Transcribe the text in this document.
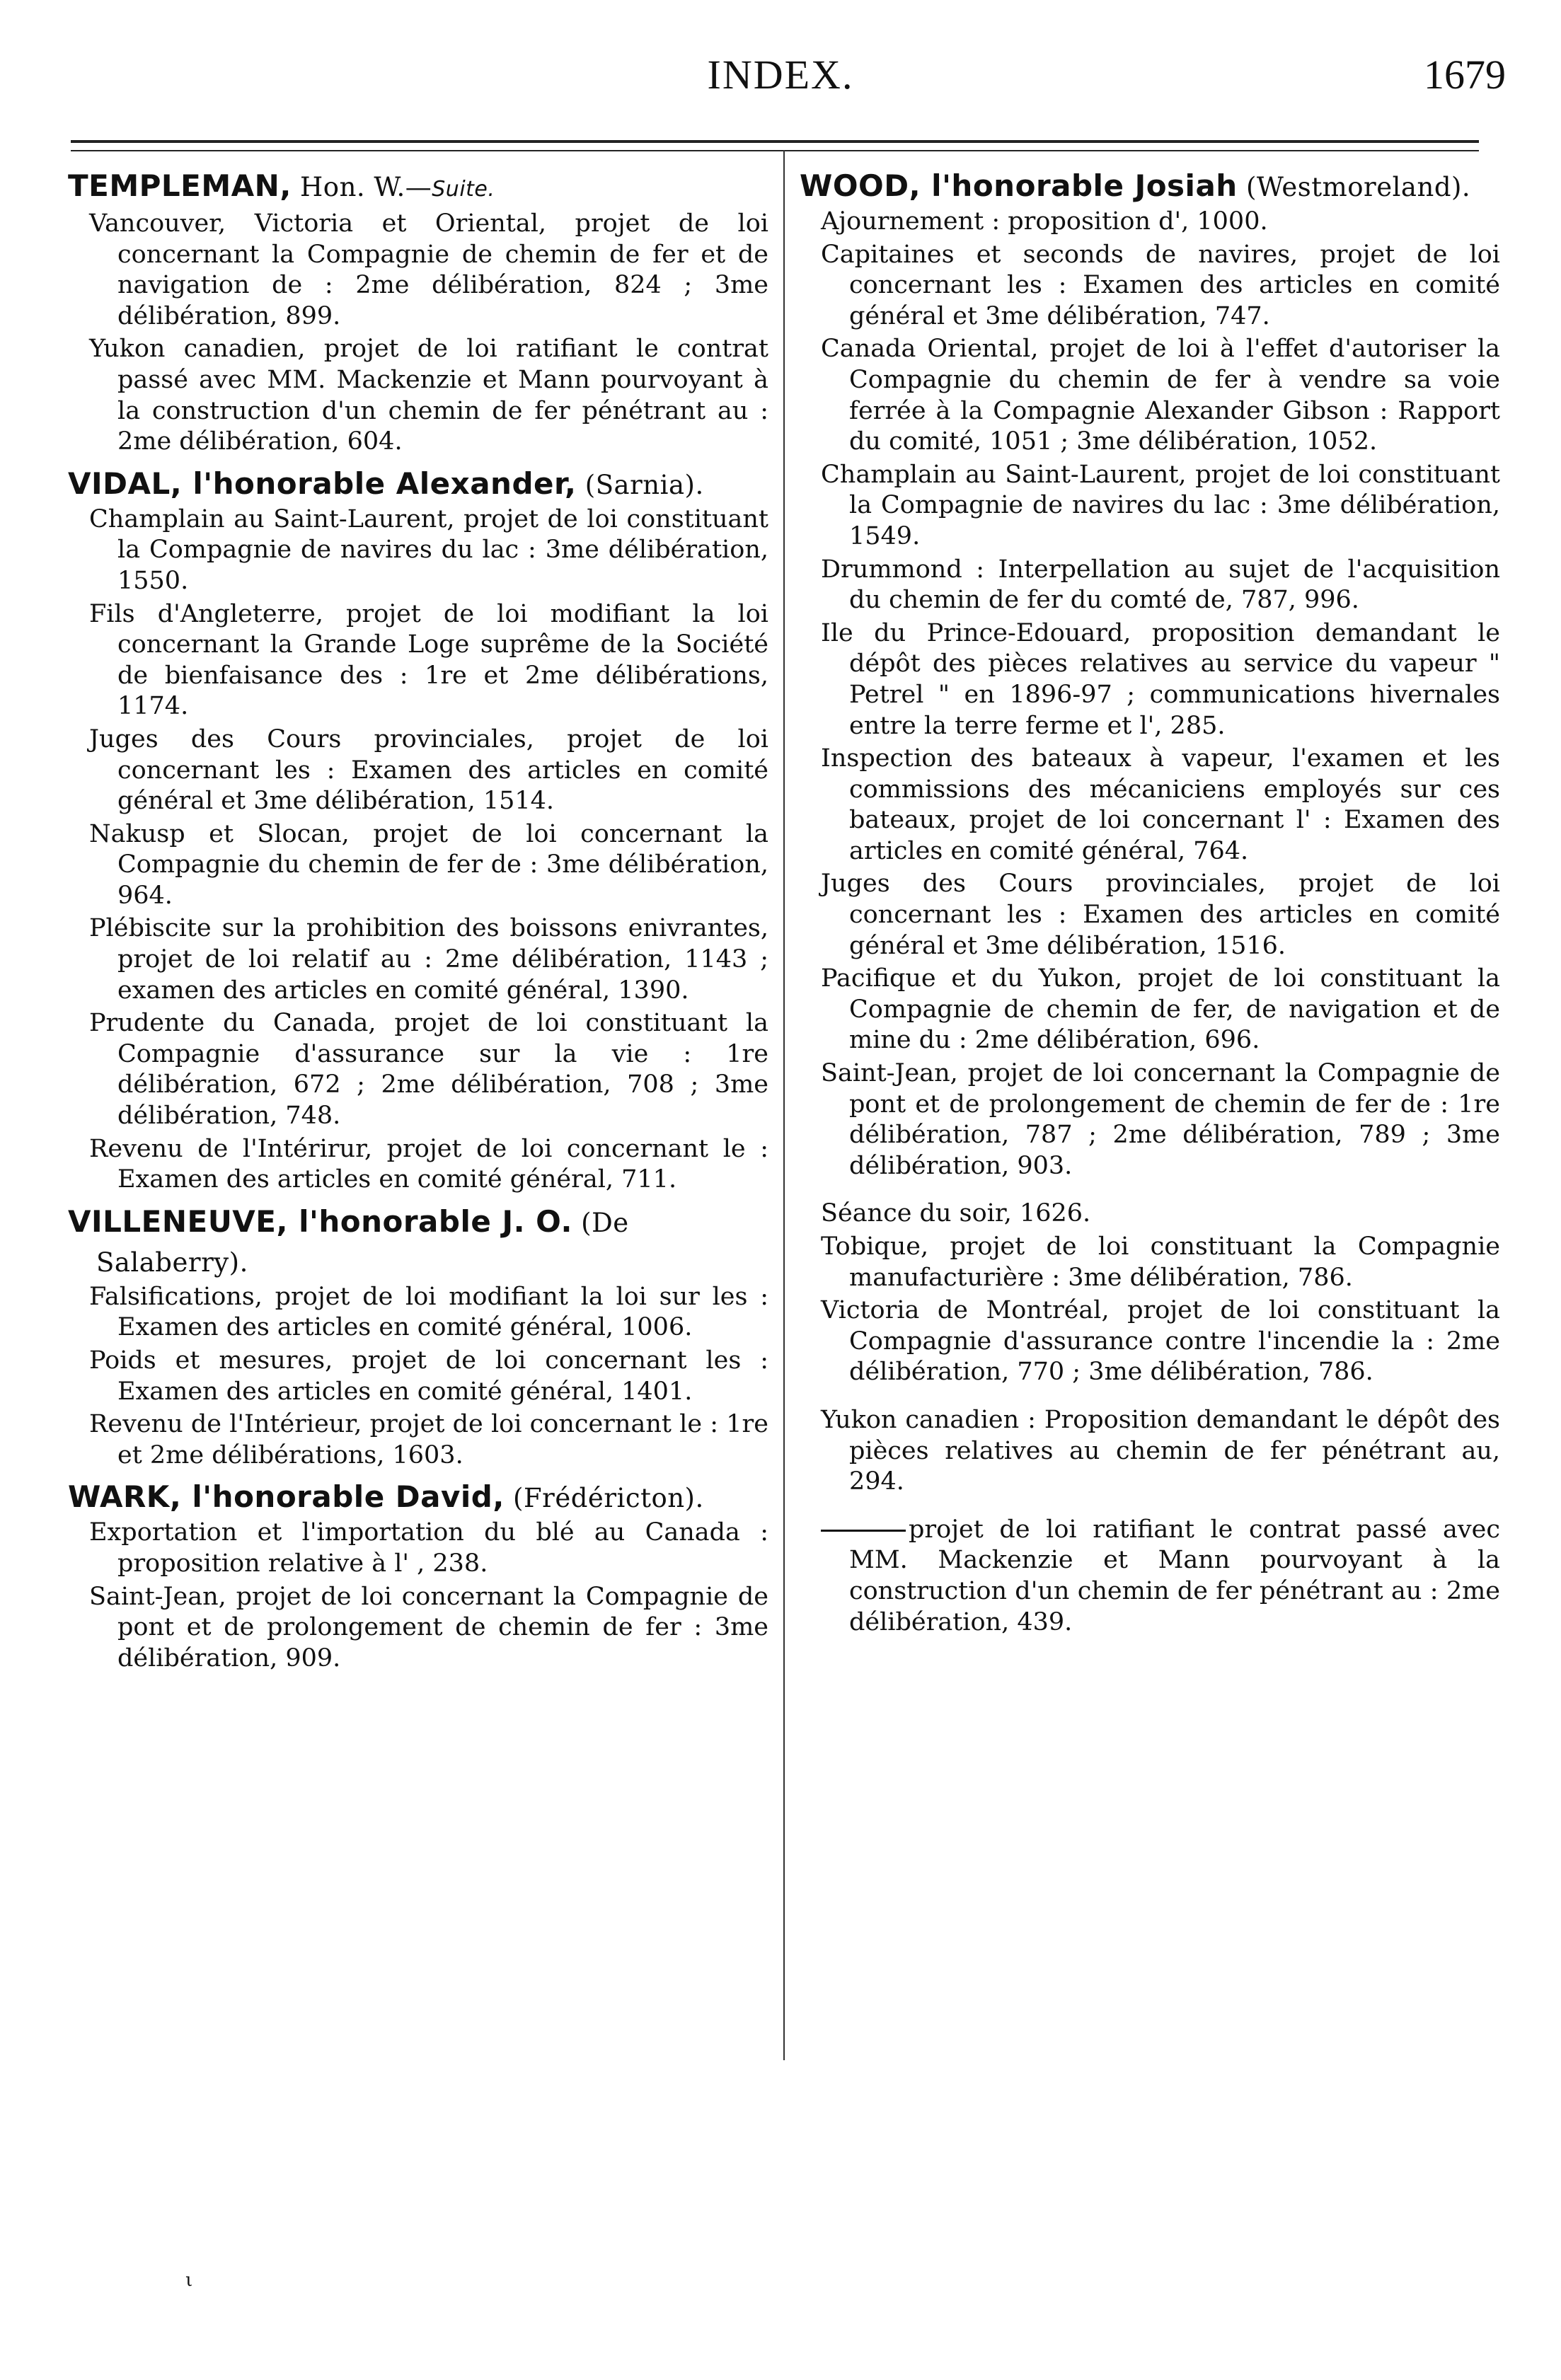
INDEX.	1679
TEMPLEMAN, Hon. W.—Suite.

Vancouver, Victoria et Oriental, projet de loi concernant la Compagnie de chemin de fer et de navigation de : 2me délibération, 824 ; 3me délibération, 899.

Yukon canadien, projet de loi ratifiant le contrat passé avec MM. Mackenzie et Mann pourvoyant à la construction d'un chemin de fer pénétrant au : 2me délibération, 604.

VIDAL, l'honorable Alexander, (Sarnia).

Champlain au Saint-Laurent, projet de loi constituant la Compagnie de navires du lac : 3me délibération, 1550.

Fils d'Angleterre, projet de loi modifiant la loi concernant la Grande Loge suprême de la Société de bienfaisance des : 1re et 2me délibérations, 1174.

Juges des Cours provinciales, projet de loi concernant les : Examen des articles en comité général et 3me délibération, 1514.

Nakusp et Slocan, projet de loi concernant la Compagnie du chemin de fer de : 3me délibération, 964.

Plébiscite sur la prohibition des boissons enivrantes, projet de loi relatif au : 2me délibération, 1143 ; examen des articles en comité général, 1390.

Prudente du Canada, projet de loi constituant la Compagnie d'assurance sur la vie : 1re délibération, 672 ; 2me délibération, 708 ; 3me délibération, 748.

Revenu de l'Intérirur, projet de loi concernant le : Examen des articles en comité général, 711.

VILLENEUVE, l'honorable J. O. (De Salaberry).

Falsifications, projet de loi modifiant la loi sur les : Examen des articles en comité général, 1006.

Poids et mesures, projet de loi concernant les : Examen des articles en comité général, 1401.

Revenu de l'Intérieur, projet de loi concernant le : 1re et 2me délibérations, 1603.

WARK, l'honorable David, (Frédéricton).

Exportation et l'importation du blé au Canada : proposition relative à l' , 238.

Saint-Jean, projet de loi concernant la Compagnie de pont et de prolongement de chemin de fer : 3me délibération, 909.

WOOD, l'honorable Josiah (Westmoreland).

Ajournement : proposition d', 1000.

Capitaines et seconds de navires, projet de loi concernant les : Examen des articles en comité général et 3me délibération, 747.

Canada Oriental, projet de loi à l'effet d'autoriser la Compagnie du chemin de fer à vendre sa voie ferrée à la Compagnie Alexander Gibson : Rapport du comité, 1051 ; 3me délibération, 1052.

Champlain au Saint-Laurent, projet de loi constituant la Compagnie de navires du lac : 3me délibération, 1549.

Drummond : Interpellation au sujet de l'acquisition du chemin de fer du comté de, 787, 996.

Ile du Prince-Edouard, proposition demandant le dépôt des pièces relatives au service du vapeur " Petrel " en 1896-97 ; communications hivernales entre la terre ferme et l', 285.

Inspection des bateaux à vapeur, l'examen et les commissions des mécaniciens employés sur ces bateaux, projet de loi concernant l' : Examen des articles en comité général, 764.

Juges des Cours provinciales, projet de loi concernant les : Examen des articles en comité général et 3me délibération, 1516.

Pacifique et du Yukon, projet de loi constituant la Compagnie de chemin de fer, de navigation et de mine du : 2me délibération, 696.

Saint-Jean, projet de loi concernant la Compagnie de pont et de prolongement de chemin de fer de : 1re délibération, 787 ; 2me délibération, 789 ; 3me délibération, 903.

Séance du soir, 1626.

Tobique, projet de loi constituant la Compagnie manufacturière : 3me délibération, 786.

Victoria de Montréal, projet de loi constituant la Compagnie d'assurance contre l'incendie la : 2me délibération, 770 ; 3me délibération, 786.

Yukon canadien : Proposition demandant le dépôt des pièces relatives au chemin de fer pénétrant au, 294.

projet de loi ratifiant le contrat passé avec MM. Mackenzie et Mann pourvoyant à la construction d'un chemin de fer pénétrant au : 2me délibération, 439.

ι
